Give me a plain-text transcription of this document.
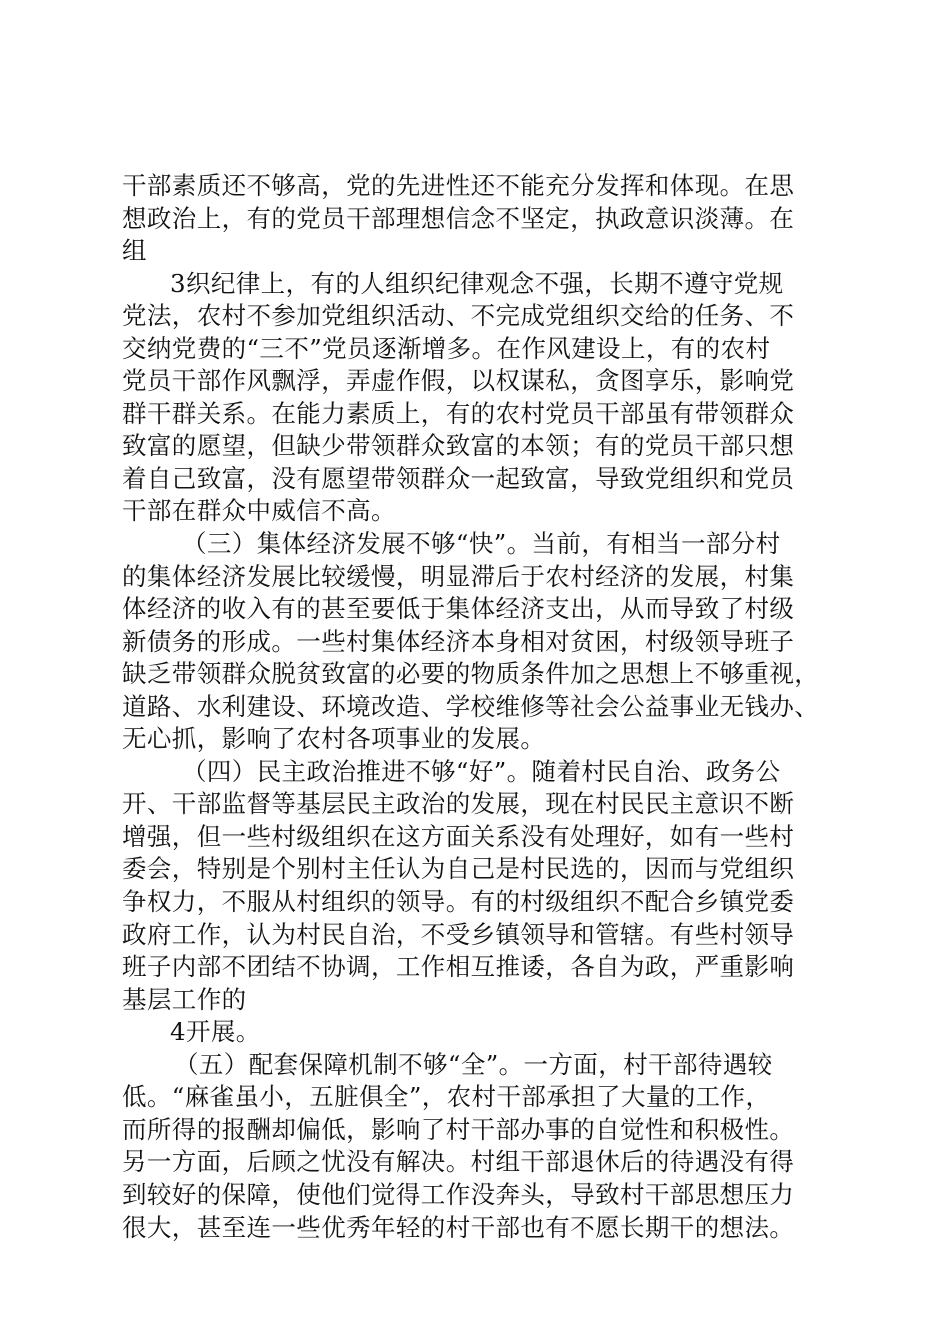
干部素质还不够高，党的先进性还不能充分发挥和体现。在思
想政治上，有的党员干部理想信念不坚定，执政意识淡薄。在
组
3织纪律上，有的人组织纪律观念不强，长期不遵守党规
党法，农村不参加党组织活动、不完成党组织交给的任务、不
交纳党费的“三不”党员逐渐增多。在作风建设上，有的农村
党员干部作风飘浮，弄虚作假，以权谋私，贪图享乐，影响党
群干群关系。在能力素质上，有的农村党员干部虽有带领群众
致富的愿望，但缺少带领群众致富的本领；有的党员干部只想
着自己致富，没有愿望带领群众一起致富，导致党组织和党员
干部在群众中威信不高。
（三）集体经济发展不够“快”。当前，有相当一部分村
的集体经济发展比较缓慢，明显滞后于农村经济的发展，村集
体经济的收入有的甚至要低于集体经济支出，从而导致了村级
新债务的形成。一些村集体经济本身相对贫困，村级领导班子
缺乏带领群众脱贫致富的必要的物质条件加之思想上不够重视，
道路、水利建设、环境改造、学校维修等社会公益事业无钱办、
无心抓，影响了农村各项事业的发展。
（四）民主政治推进不够“好”。随着村民自治、政务公
开、干部监督等基层民主政治的发展，现在村民民主意识不断
增强，但一些村级组织在这方面关系没有处理好，如有一些村
委会，特别是个别村主任认为自己是村民选的，因而与党组织
争权力，不服从村组织的领导。有的村级组织不配合乡镇党委
政府工作，认为村民自治，不受乡镇领导和管辖。有些村领导
班子内部不团结不协调，工作相互推诿，各自为政，严重影响
基层工作的
4开展。
（五）配套保障机制不够“全”。一方面，村干部待遇较
低。“麻雀虽小，五脏俱全”，农村干部承担了大量的工作，
而所得的报酬却偏低，影响了村干部办事的自觉性和积极性。
另一方面，后顾之忧没有解决。村组干部退休后的待遇没有得
到较好的保障，使他们觉得工作没奔头，导致村干部思想压力
很大，甚至连一些优秀年轻的村干部也有不愿长期干的想法。
